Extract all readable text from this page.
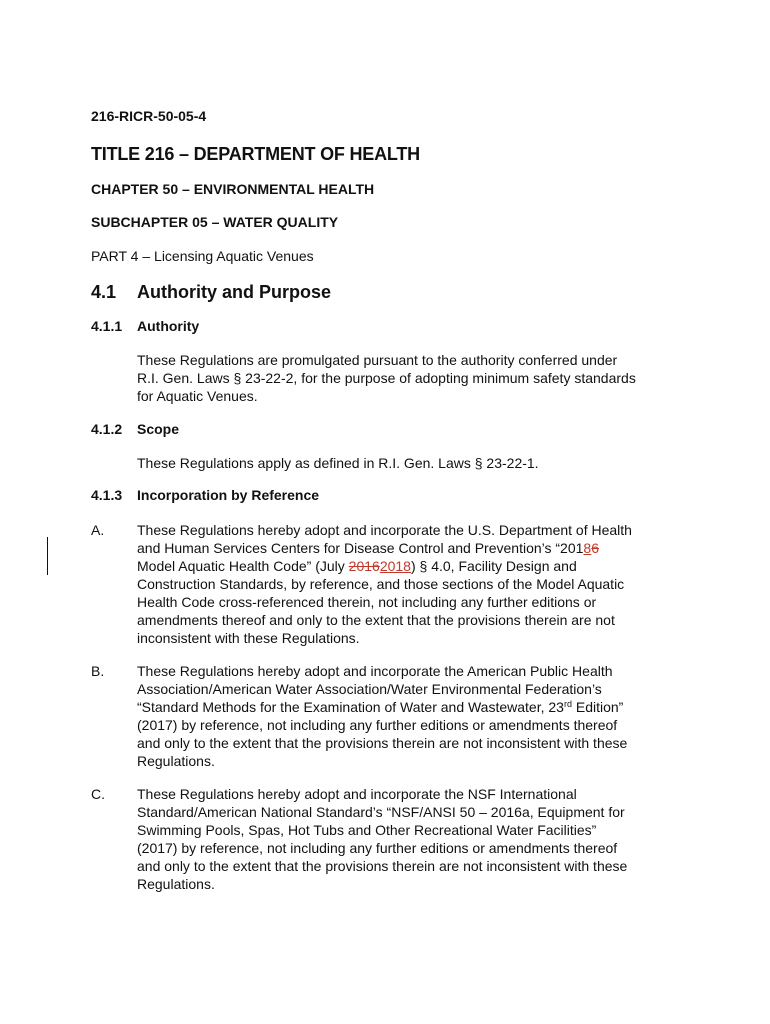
216-RICR-50-05-4
TITLE 216 – DEPARTMENT OF HEALTH
CHAPTER 50 – ENVIRONMENTAL HEALTH
SUBCHAPTER 05 – WATER QUALITY
PART 4 – Licensing Aquatic Venues
4.1 Authority and Purpose
4.1.1 Authority
These Regulations are promulgated pursuant to the authority conferred under
R.I. Gen. Laws § 23-22-2, for the purpose of adopting minimum safety standards
for Aquatic Venues.
4.1.2 Scope
These Regulations apply as defined in R.I. Gen. Laws § 23-22-1.
4.1.3 Incorporation by Reference
A. These Regulations hereby adopt and incorporate the U.S. Department of Health
and Human Services Centers for Disease Control and Prevention’s “20186
Model Aquatic Health Code” (July 20162018) § 4.0, Facility Design and
Construction Standards, by reference, and those sections of the Model Aquatic
Health Code cross-referenced therein, not including any further editions or
amendments thereof and only to the extent that the provisions therein are not
inconsistent with these Regulations.
B. These Regulations hereby adopt and incorporate the American Public Health
Association/American Water Association/Water Environmental Federation’s
“Standard Methods for the Examination of Water and Wastewater, 23rd Edition”
(2017) by reference, not including any further editions or amendments thereof
and only to the extent that the provisions therein are not inconsistent with these
Regulations.
C. These Regulations hereby adopt and incorporate the NSF International
Standard/American National Standard’s “NSF/ANSI 50 – 2016a, Equipment for
Swimming Pools, Spas, Hot Tubs and Other Recreational Water Facilities”
(2017) by reference, not including any further editions or amendments thereof
and only to the extent that the provisions therein are not inconsistent with these
Regulations.
